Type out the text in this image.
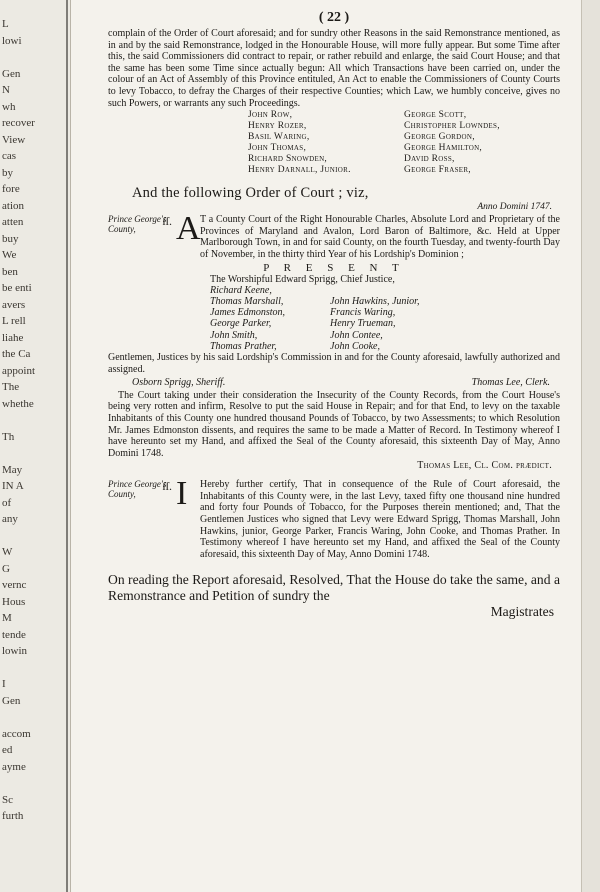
L
lowi
Gen
N
wh
recover
View
cas
by
fore
ation
atten
buy
We
ben
be enti
avers
L rell
liahe
the Ca
appoint
The
whethe
Th
May
IN A
of
any
W
G
vernc
Hous
M
tende
lowin
I
Gen
accom
ed
ayme
Sc
furth
( 22 )

complain of the Order of Court aforesaid; and for sundry other Reasons in the said Remonstrance mentioned, as in and by the said Remonstrance, lodged in the Honourable House, will more fully appear. But some Time after this, the said Commissioners did contract to repair, or rather rebuild and enlarge, the said Court House; and that the same has been some Time since actually begun: All which Transactions have been carried on, under the colour of an Act of Assembly of this Province entituled, An Act to enable the Commissioners of County Courts to levy Tobacco, to defray the Charges of their respective Counties; which Law, we humbly conceive, gives no such Powers, or warrants any such Proceedings.

John Row,	George Scott,
Henry Rozer,	Christopher Lowndes,
Basil Waring,	George Gordon,
John Thomas,	George Hamilton,
Richard Snowden,	David Ross,
Henry Darnall, Junior.	George Fraser,
And the following Order of Court ; viz,
Anno Domini 1747.
Prince George's County,
ſſ. A T a County Court of the Right Honourable Charles, Absolute Lord and Proprietary of the Provinces of Maryland and Avalon, Lord Baron of Baltimore, &c. Held at Upper Marlborough Town, in and for said County, on the fourth Tuesday, and twenty-fourth Day of November, in the thirty third Year of his Lordship's Dominion ;

P R E S E N T
The Worshipful Edward Sprigg, Chief Justice,
Richard Keene,
Thomas Marshall,	John Hawkins, Junior,
James Edmonston,	Francis Waring,
George Parker,	Henry Trueman,
John Smith,	John Contee,
Thomas Prather,	John Cooke,

Gentlemen, Justices by his said Lordship's Commission in and for the County aforesaid, lawfully authorized and assigned.

Osborn Sprigg, Sheriff.	Thomas Lee, Clerk.

The Court taking under their consideration the Insecurity of the County Records, from the Court House's being very rotten and infirm, Resolve to put the said House in Repair; and for that End, to levy on the taxable Inhabitants of this County one hundred thousand Pounds of Tobacco, by two Assessments; to which Resolution Mr. James Edmonston dissents, and requires the same to be made a Matter of Record. In Testimony whereof I have hereunto set my Hand, and affixed the Seal of the County aforesaid, this sixteenth Day of May, Anno Domini 1748.

Thomas Lee, Cl. Com. prædict.
Prince George's County,
ſſ. I	Hereby further certify, That in consequence of the Rule of Court aforesaid, the Inhabitants of this County were, in the last Levy, taxed fifty one thousand nine hundred and forty four Pounds of Tobacco, for the Purposes therein mentioned; and, That the Gentlemen Justices who signed that Levy were Edward Sprigg, Thomas Marshall, John Hawkins, junior, George Parker, Francis Waring, John Cooke, and Thomas Prather. In Testimony whereof I have hereunto set my Hand, and affixed the Seal of the County aforesaid, this sixteenth Day of May, Anno Domini 1748.

On reading the Report aforesaid, Resolved, That the House do take the same, and a Remonstrance and Petition of sundry the
Magistrates
